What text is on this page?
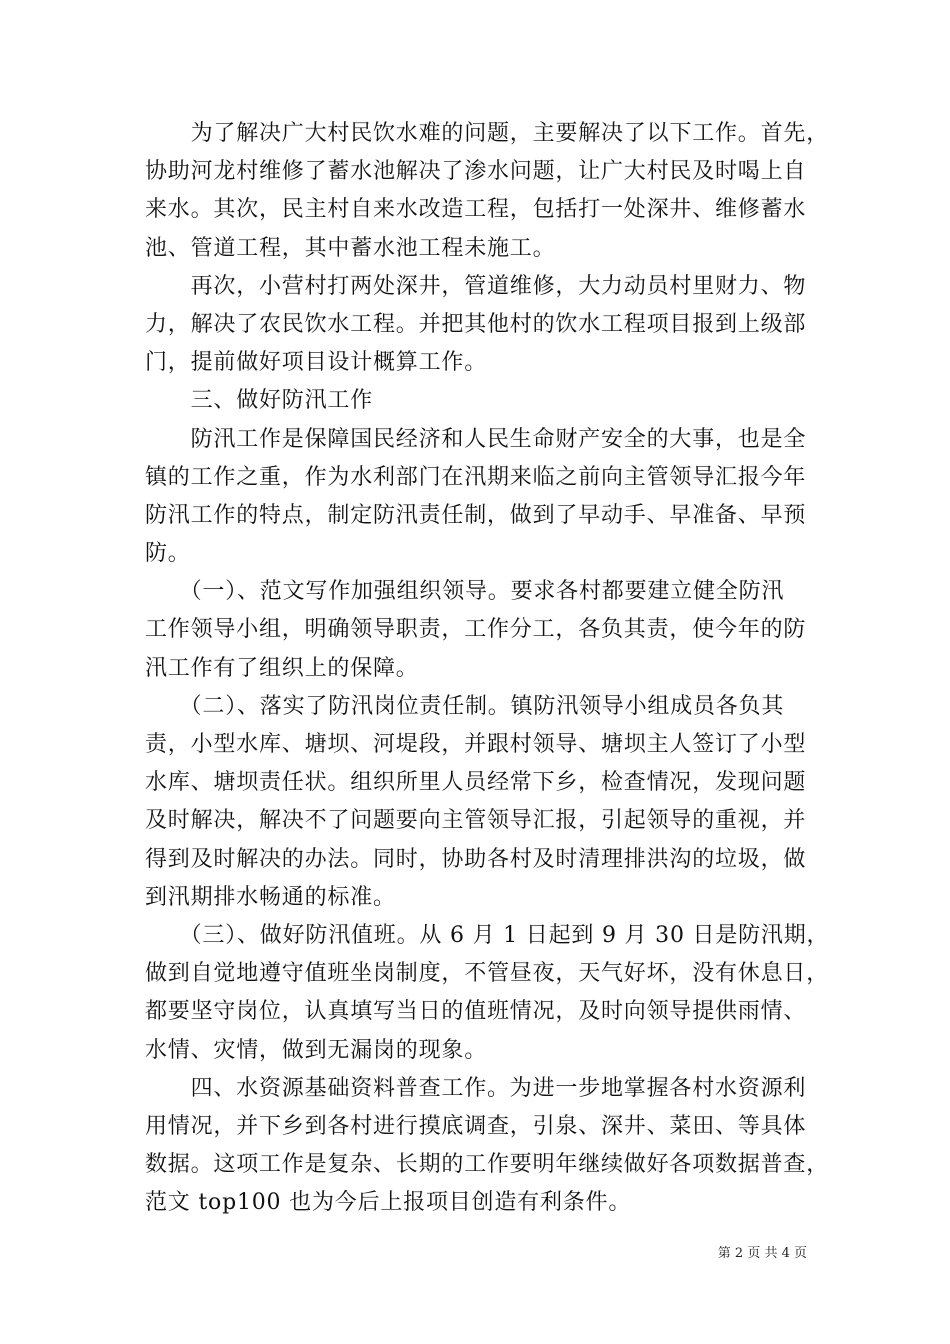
　　为了解决广大村民饮水难的问题，主要解决了以下工作。首先，
协助河龙村维修了蓄水池解决了渗水问题，让广大村民及时喝上自
来水。其次，民主村自来水改造工程，包括打一处深井、维修蓄水
池、管道工程，其中蓄水池工程未施工。
　　再次，小营村打两处深井，管道维修，大力动员村里财力、物
力，解决了农民饮水工程。并把其他村的饮水工程项目报到上级部
门，提前做好项目设计概算工作。
　　三、做好防汛工作
　　防汛工作是保障国民经济和人民生命财产安全的大事，也是全
镇的工作之重，作为水利部门在汛期来临之前向主管领导汇报今年
防汛工作的特点，制定防汛责任制，做到了早动手、早准备、早预
防。
　　（一）、范文写作加强组织领导。要求各村都要建立健全防汛
工作领导小组，明确领导职责，工作分工，各负其责，使今年的防
汛工作有了组织上的保障。
　　（二）、落实了防汛岗位责任制。镇防汛领导小组成员各负其
责，小型水库、塘坝、河堤段，并跟村领导、塘坝主人签订了小型
水库、塘坝责任状。组织所里人员经常下乡，检查情况，发现问题
及时解决，解决不了问题要向主管领导汇报，引起领导的重视，并
得到及时解决的办法。同时，协助各村及时清理排洪沟的垃圾，做
到汛期排水畅通的标准。
　　（三）、做好防汛值班。从 6 月 1 日起到 9 月 30 日是防汛期，
做到自觉地遵守值班坐岗制度，不管昼夜，天气好坏，没有休息日，
都要坚守岗位，认真填写当日的值班情况，及时向领导提供雨情、
水情、灾情，做到无漏岗的现象。
　　四、水资源基础资料普查工作。为进一步地掌握各村水资源利
用情况，并下乡到各村进行摸底调查，引泉、深井、菜田、等具体
数据。这项工作是复杂、长期的工作要明年继续做好各项数据普查，
范文 top100 也为今后上报项目创造有利条件。
第 2 页 共 4 页
